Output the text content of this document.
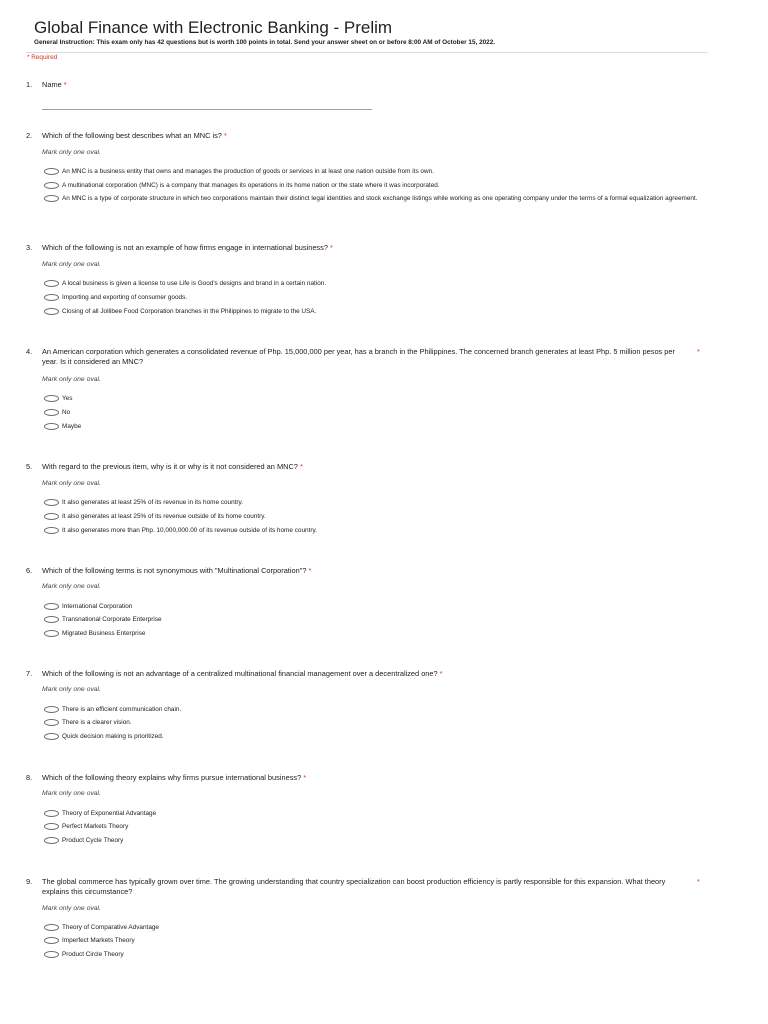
Global Finance with Electronic Banking - Prelim
General Instruction: This exam only has 42 questions but is worth 100 points in total. Send your answer sheet on or before 8:00 AM of October 15, 2022.
* Required
1. Name *
2. Which of the following best describes what an MNC is? *
Mark only one oval.
An MNC is a business entity that owns and manages the production of goods or services in at least one nation outside from its own.
A multinational corporation (MNC) is a company that manages its operations in its home nation or the state where it was incorporated.
An MNC is a type of corporate structure in which two corporations maintain their distinct legal identities and stock exchange listings while working as one operating company under the terms of a formal equalization agreement.
3. Which of the following is not an example of how firms engage in international business? *
Mark only one oval.
A local business is given a license to use Life is Good's designs and brand in a certain nation.
Importing and exporting of consumer goods.
Closing of all Jollibee Food Corporation branches in the Philippines to migrate to the USA.
4. An American corporation which generates a consolidated revenue of Php. 15,000,000 per year, has a branch in the Philippines. The concerned branch generates at least Php. 5 million pesos per year. Is it considered an MNC?
*
Mark only one oval.
Yes
No
Maybe
5. With regard to the previous item, why is it or why is it not considered an MNC? *
Mark only one oval.
It also generates at least 25% of its revenue in its home country.
It also generates at least 25% of its revenue outside of its home country.
It also generates more than Php. 10,000,000.00 of its revenue outside of its home country.
6. Which of the following terms is not synonymous with "Multinational Corporation"? *
Mark only one oval.
International Corporation
Transnational Corporate Enterprise
Migrated Business Enterprise
7. Which of the following is not an advantage of a centralized multinational financial management over a decentralized one? *
Mark only one oval.
There is an efficient communication chain.
There is a clearer vision.
Quick decision making is prioritized.
8. Which of the following theory explains why firms pursue international business? *
Mark only one oval.
Theory of Exponential Advantage
Perfect Markets Theory
Product Cycle Theory
9. The global commerce has typically grown over time. The growing understanding that country specialization can boost production efficiency is partly responsible for this expansion. What theory explains this circumstance?
*
Mark only one oval.
Theory of Comparative Advantage
Imperfect Markets Theory
Product Circle Theory
